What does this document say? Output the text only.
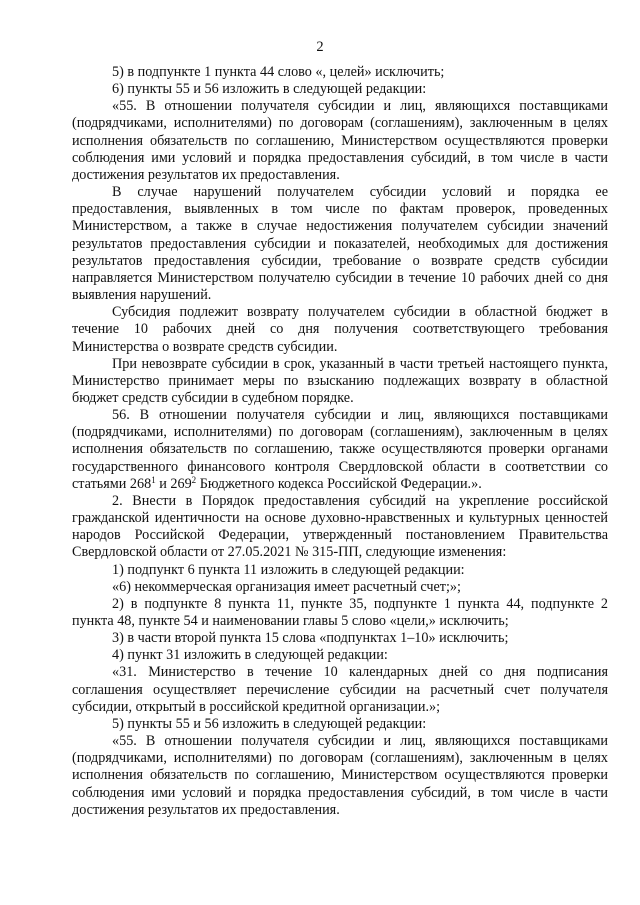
2

5) в подпункте 1 пункта 44 слово «, целей» исключить;

6) пункты 55 и 56 изложить в следующей редакции:

«55. В отношении получателя субсидии и лиц, являющихся поставщиками (подрядчиками, исполнителями) по договорам (соглашениям), заключенным в целях исполнения обязательств по соглашению, Министерством осуществляются проверки соблюдения ими условий и порядка предоставления субсидий, в том числе в части достижения результатов их предоставления.

В случае нарушений получателем субсидии условий и порядка ее предоставления, выявленных в том числе по фактам проверок, проведенных Министерством, а также в случае недостижения получателем субсидии значений результатов предоставления субсидии и показателей, необходимых для достижения результатов предоставления субсидии, требование о возврате средств субсидии направляется Министерством получателю субсидии в течение 10 рабочих дней со дня выявления нарушений.

Субсидия подлежит возврату получателем субсидии в областной бюджет в течение 10 рабочих дней со дня получения соответствующего требования Министерства о возврате средств субсидии.

При невозврате субсидии в срок, указанный в части третьей настоящего пункта, Министерство принимает меры по взысканию подлежащих возврату в областной бюджет средств субсидии в судебном порядке.

56. В отношении получателя субсидии и лиц, являющихся поставщиками (подрядчиками, исполнителями) по договорам (соглашениям), заключенным в целях исполнения обязательств по соглашению, также осуществляются проверки органами государственного финансового контроля Свердловской области в соответствии со статьями $268^1$ и $269^2$ Бюджетного кодекса Российской Федерации.».

2. Внести в Порядок предоставления субсидий на укрепление российской гражданской идентичности на основе духовно-нравственных и культурных ценностей народов Российской Федерации, утвержденный постановлением Правительства Свердловской области от 27.05.2021 № 315-ПП, следующие изменения:

1) подпункт 6 пункта 11 изложить в следующей редакции:

«6) некоммерческая организация имеет расчетный счет;»;

2) в подпункте 8 пункта 11, пункте 35, подпункте 1 пункта 44, подпункте 2 пункта 48, пункте 54 и наименовании главы 5 слово «цели,» исключить;

3) в части второй пункта 15 слова «подпунктах 1–10» исключить;

4) пункт 31 изложить в следующей редакции:

«31. Министерство в течение 10 календарных дней со дня подписания соглашения осуществляет перечисление субсидии на расчетный счет получателя субсидии, открытый в российской кредитной организации.»;

5) пункты 55 и 56 изложить в следующей редакции:

«55. В отношении получателя субсидии и лиц, являющихся поставщиками (подрядчиками, исполнителями) по договорам (соглашениям), заключенным в целях исполнения обязательств по соглашению, Министерством осуществляются проверки соблюдения ими условий и порядка предоставления субсидий, в том числе в части достижения результатов их предоставления.
